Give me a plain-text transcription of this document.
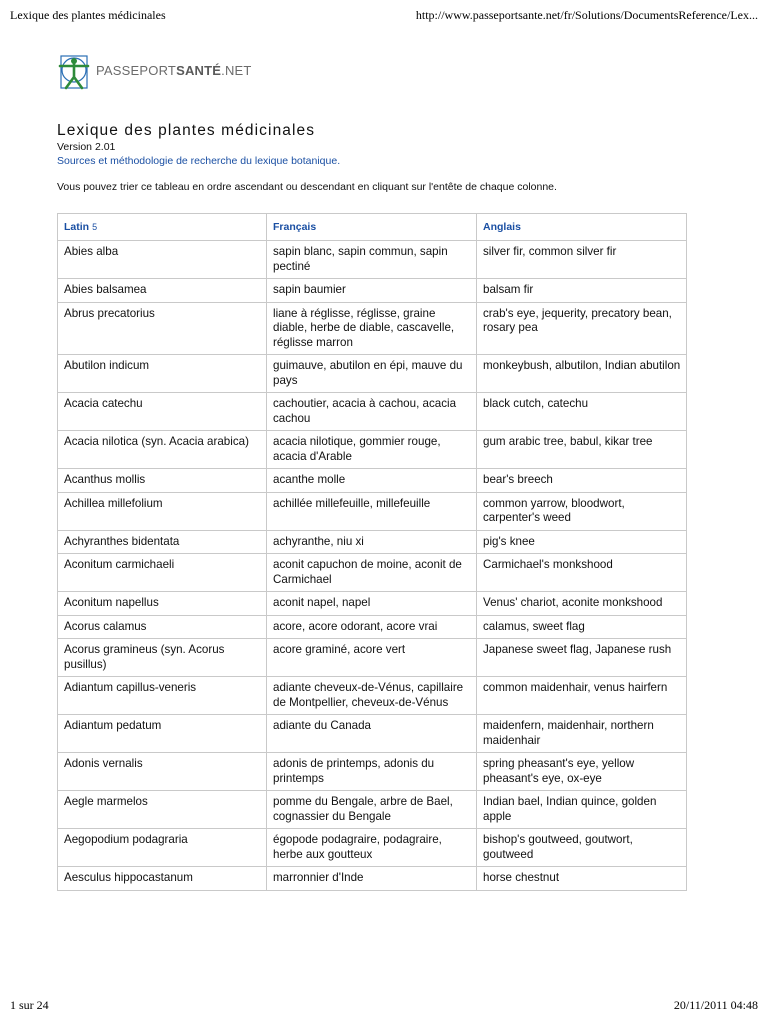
Lexique des plantes médicinales	http://www.passeportsante.net/fr/Solutions/DocumentsReference/Lex...
PASSEPORTSANTÉ.NET
Lexique des plantes médicinales
Version 2.01
Sources et méthodologie de recherche du lexique botanique.
Vous pouvez trier ce tableau en ordre ascendant ou descendant en cliquant sur l'entête de chaque colonne.
Latin 5	Français	Anglais
Abies alba	sapin blanc, sapin commun, sapin pectiné	silver fir, common silver fir
Abies balsamea	sapin baumier	balsam fir
Abrus precatorius	liane à réglisse, réglisse, graine diable, herbe de diable, cascavelle, réglisse marron	crab's eye, jequerity, precatory bean, rosary pea
Abutilon indicum	guimauve, abutilon en épi, mauve du pays	monkeybush, albutilon, Indian abutilon
Acacia catechu	cachoutier, acacia à cachou, acacia cachou	black cutch, catechu
Acacia nilotica (syn. Acacia arabica)	acacia nilotique, gommier rouge, acacia d'Arable	gum arabic tree, babul, kikar tree
Acanthus mollis	acanthe molle	bear's breech
Achillea millefolium	achillée millefeuille, millefeuille	common yarrow, bloodwort, carpenter's weed
Achyranthes bidentata	achyranthe, niu xi	pig's knee
Aconitum carmichaeli	aconit capuchon de moine, aconit de Carmichael	Carmichael's monkshood
Aconitum napellus	aconit napel, napel	Venus' chariot, aconite monkshood
Acorus calamus	acore, acore odorant, acore vrai	calamus, sweet flag
Acorus gramineus (syn. Acorus pusillus)	acore graminé, acore vert	Japanese sweet flag, Japanese rush
Adiantum capillus-veneris	adiante cheveux-de-Vénus, capillaire de Montpellier, cheveux-de-Vénus	common maidenhair, venus hairfern
Adiantum pedatum	adiante du Canada	maidenfern, maidenhair, northern maidenhair
Adonis vernalis	adonis de printemps, adonis du printemps	spring pheasant's eye, yellow pheasant's eye, ox-eye
Aegle marmelos	pomme du Bengale, arbre de Bael, cognassier du Bengale	Indian bael, Indian quince, golden apple
Aegopodium podagraria	égopode podagraire, podagraire, herbe aux goutteux	bishop's goutweed, goutwort, goutweed
Aesculus hippocastanum	marronnier d'Inde	horse chestnut
1 sur 24	20/11/2011 04:48
